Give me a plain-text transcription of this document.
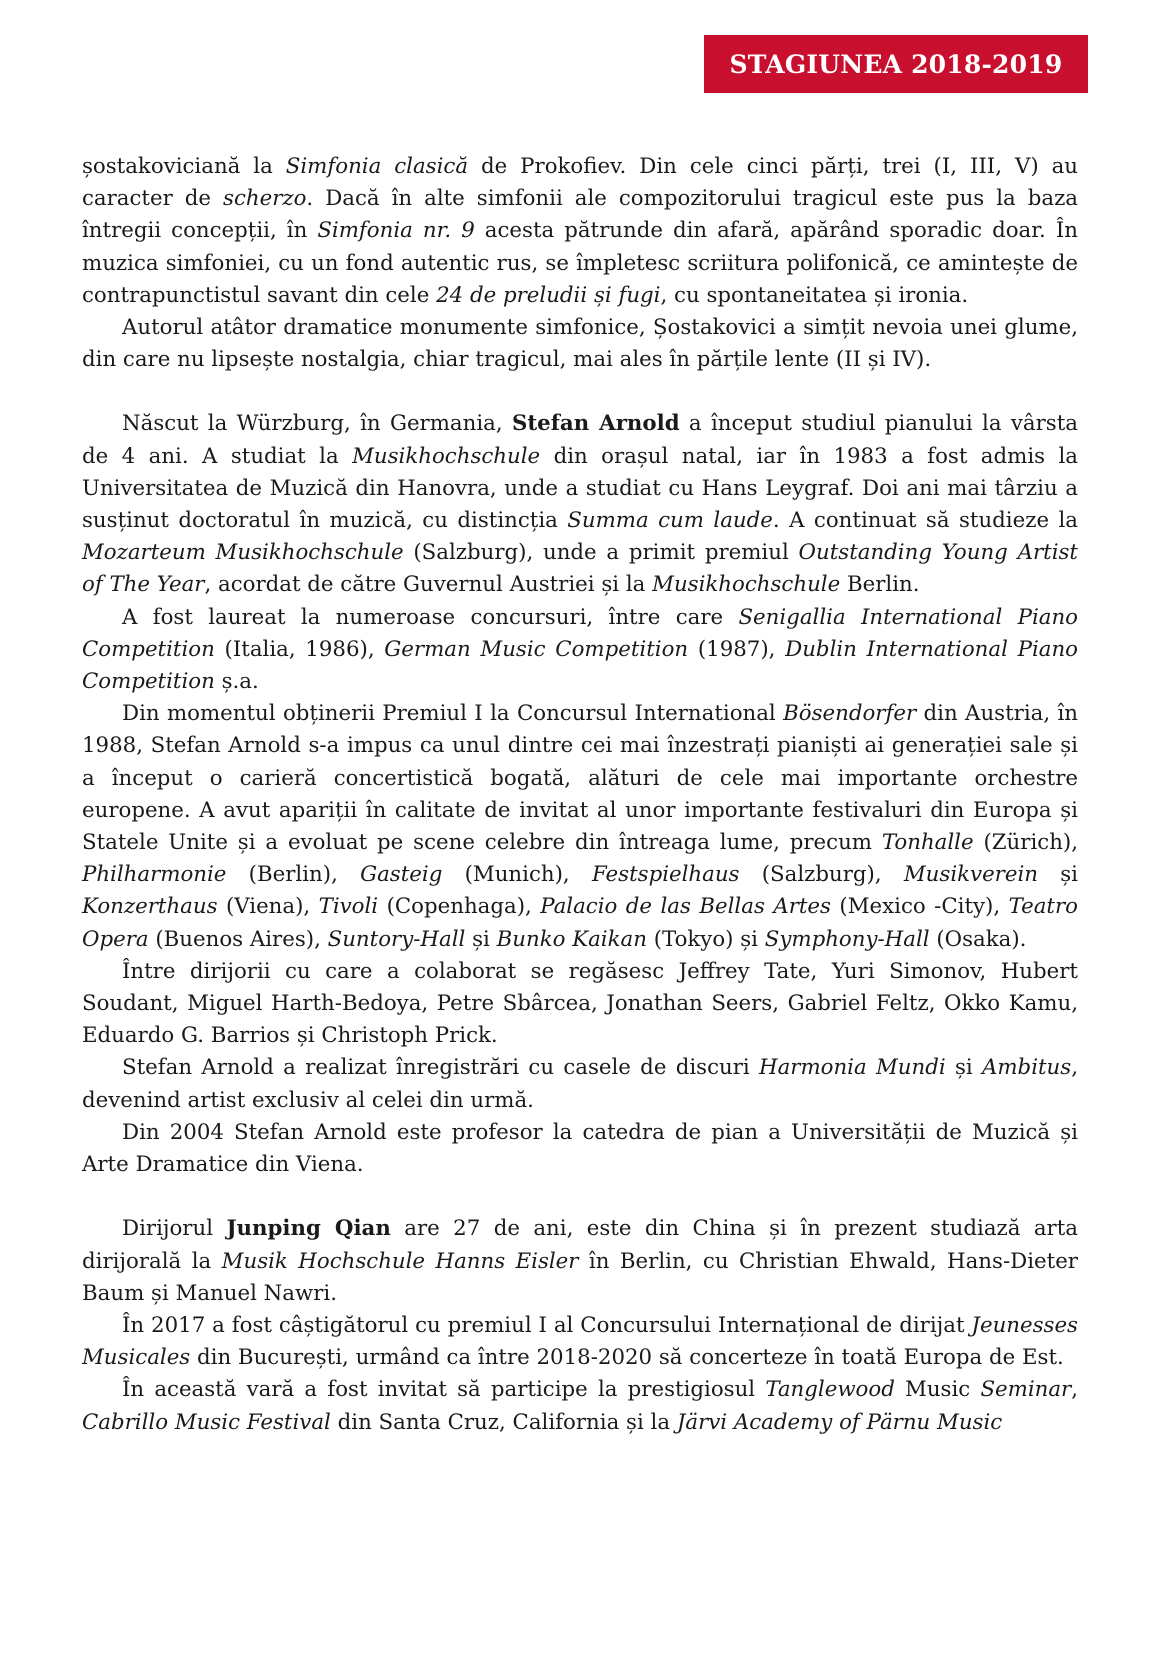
STAGIUNEA 2018-2019

șostakoviciană la Simfonia clasică de Prokofiev. Din cele cinci părți, trei (I, III, V) au caracter de scherzo. Dacă în alte simfonii ale compozitorului tragicul este pus la baza întregii concepții, în Simfonia nr. 9 acesta pătrunde din afară, apărând sporadic doar. În muzica simfoniei, cu un fond autentic rus, se împletesc scriitura polifonică, ce amintește de contrapunctistul savant din cele 24 de preludii și fugi, cu spontaneitatea și ironia.

Autorul atâtor dramatice monumente simfonice, Șostakovici a simțit nevoia unei glume, din care nu lipsește nostalgia, chiar tragicul, mai ales în părțile lente (II și IV).

Născut la Würzburg, în Germania, Stefan Arnold a început studiul pianului la vârsta de 4 ani. A studiat la Musikhochschule din orașul natal, iar în 1983 a fost admis la Universitatea de Muzică din Hanovra, unde a studiat cu Hans Leygraf. Doi ani mai târziu a susținut doctoratul în muzică, cu distincția Summa cum laude. A continuat să studieze la Mozarteum Musikhochschule (Salzburg), unde a primit premiul Outstanding Young Artist of The Year, acordat de către Guvernul Austriei și la Musikhochschule Berlin.

A fost laureat la numeroase concursuri, între care Senigallia International Piano Competition (Italia, 1986), German Music Competition (1987), Dublin International Piano Competition ș.a.

Din momentul obținerii Premiul I la Concursul International Bösendorfer din Austria, în 1988, Stefan Arnold s-a impus ca unul dintre cei mai înzestrați pianiști ai generației sale și a început o carieră concertistică bogată, alături de cele mai importante orchestre europene. A avut apariții în calitate de invitat al unor importante festivaluri din Europa și Statele Unite și a evoluat pe scene celebre din întreaga lume, precum Tonhalle (Zürich), Philharmonie (Berlin), Gasteig (Munich), Festspielhaus (Salzburg), Musikverein și Konzerthaus (Viena), Tivoli (Copenhaga), Palacio de las Bellas Artes (Mexico -City), Teatro Opera (Buenos Aires), Suntory-Hall și Bunko Kaikan (Tokyo) și Symphony-Hall (Osaka).

Între dirijorii cu care a colaborat se regăsesc Jeffrey Tate, Yuri Simonov, Hubert Soudant, Miguel Harth-Bedoya, Petre Sbârcea, Jonathan Seers, Gabriel Feltz, Okko Kamu, Eduardo G. Barrios și Christoph Prick.

Stefan Arnold a realizat înregistrări cu casele de discuri Harmonia Mundi și Ambitus, devenind artist exclusiv al celei din urmă.

Din 2004 Stefan Arnold este profesor la catedra de pian a Universității de Muzică și Arte Dramatice din Viena.

Dirijorul Junping Qian are 27 de ani, este din China și în prezent studiază arta dirijorală la Musik Hochschule Hanns Eisler în Berlin, cu Christian Ehwald, Hans-Dieter Baum și Manuel Nawri.

În 2017 a fost câștigătorul cu premiul I al Concursului Internațional de dirijat Jeunesses Musicales din București, urmând ca între 2018-2020 să concerteze în toată Europa de Est.

În această vară a fost invitat să participe la prestigiosul Tanglewood Music Seminar, Cabrillo Music Festival din Santa Cruz, California și la Järvi Academy of Pärnu Music
